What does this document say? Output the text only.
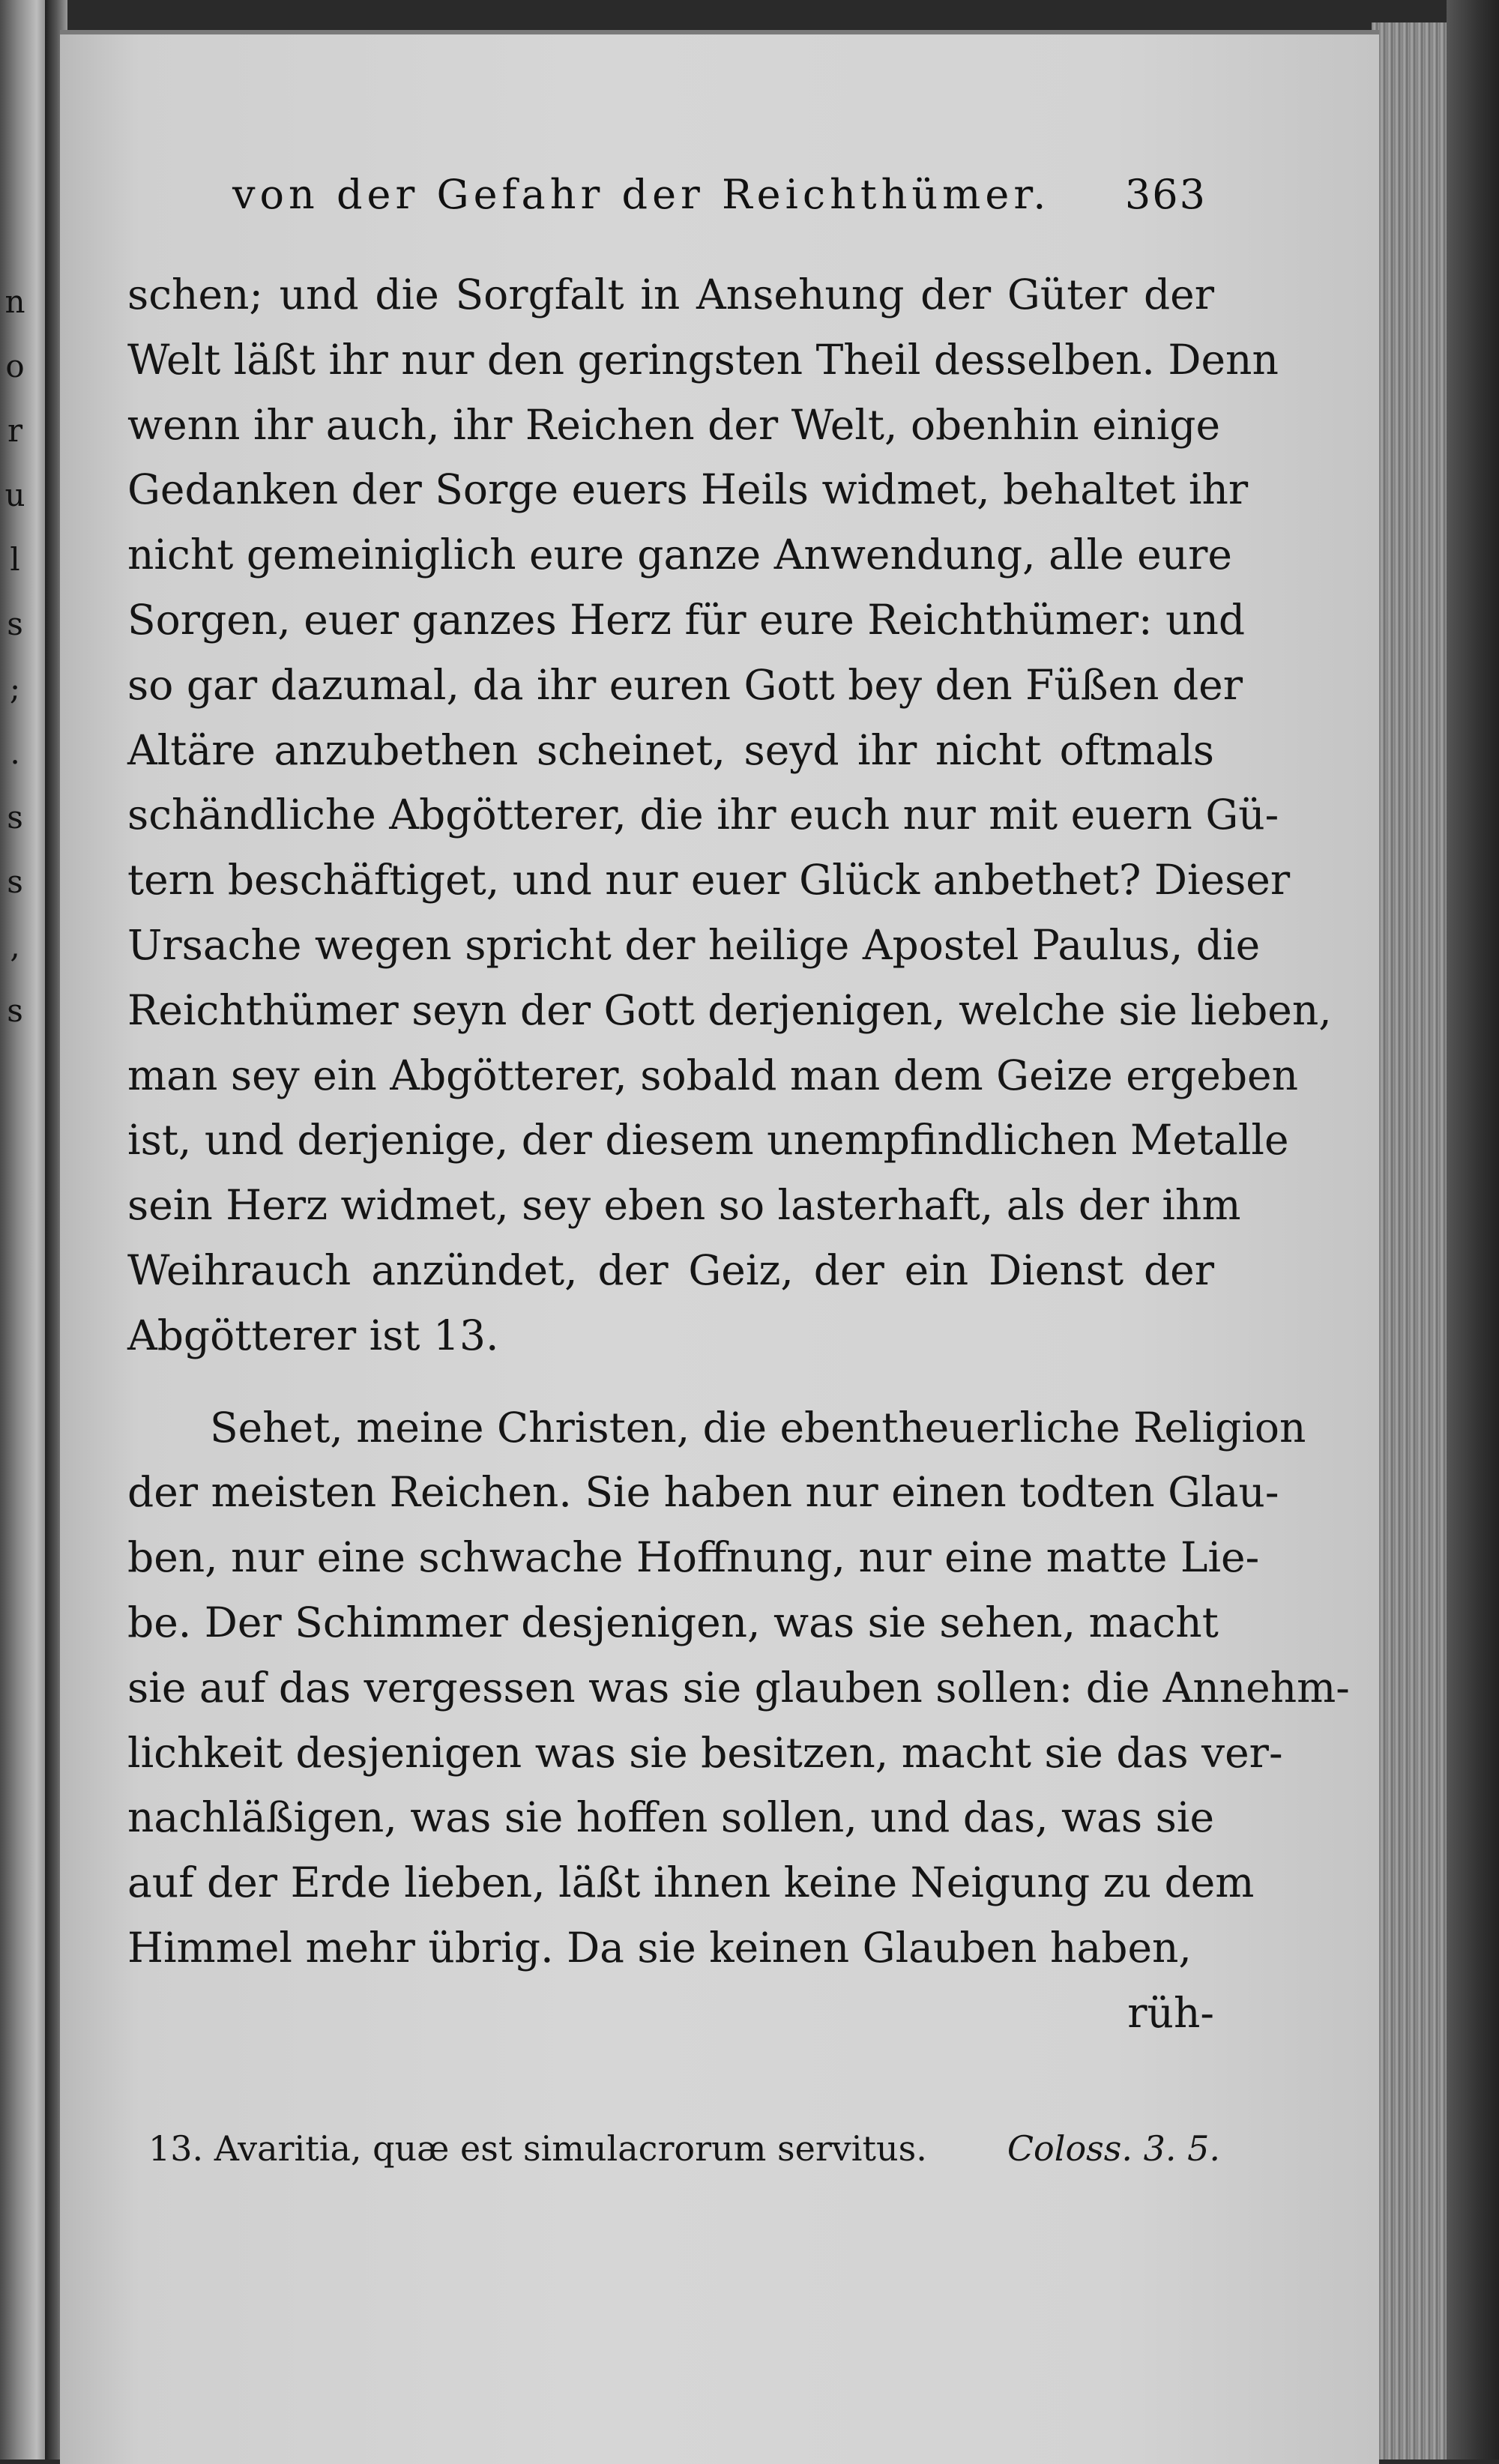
n
o
r
u
l
s
;
.
s
s
,
s
von der Gefahr der Reichthümer. 363
schen; und die Sorgfalt in Ansehung der Güter der
Welt läßt ihr nur den geringsten Theil desselben. Denn
wenn ihr auch, ihr Reichen der Welt, obenhin einige
Gedanken der Sorge euers Heils widmet, behaltet ihr
nicht gemeiniglich eure ganze Anwendung, alle eure
Sorgen, euer ganzes Herz für eure Reichthümer: und
so gar dazumal, da ihr euren Gott bey den Füßen der
Altäre anzubethen scheinet, seyd ihr nicht oftmals
schändliche Abgötterer, die ihr euch nur mit euern Gü-
tern beschäftiget, und nur euer Glück anbethet? Dieser
Ursache wegen spricht der heilige Apostel Paulus, die
Reichthümer seyn der Gott derjenigen, welche sie lieben,
man sey ein Abgötterer, sobald man dem Geize ergeben
ist, und derjenige, der diesem unempfindlichen Metalle
sein Herz widmet, sey eben so lasterhaft, als der ihm
Weihrauch anzündet, der Geiz, der ein Dienst der
Abgötterer ist 13.
Sehet, meine Christen, die ebentheuerliche Religion
der meisten Reichen. Sie haben nur einen todten Glau-
ben, nur eine schwache Hoffnung, nur eine matte Lie-
be. Der Schimmer desjenigen, was sie sehen, macht
sie auf das vergessen was sie glauben sollen: die Annehm-
lichkeit desjenigen was sie besitzen, macht sie das ver-
nachläßigen, was sie hoffen sollen, und das, was sie
auf der Erde lieben, läßt ihnen keine Neigung zu dem
Himmel mehr übrig. Da sie keinen Glauben haben,
rüh-
13. Avaritia, quæ est simulacrorum servitus. Coloss. 3. 5.
